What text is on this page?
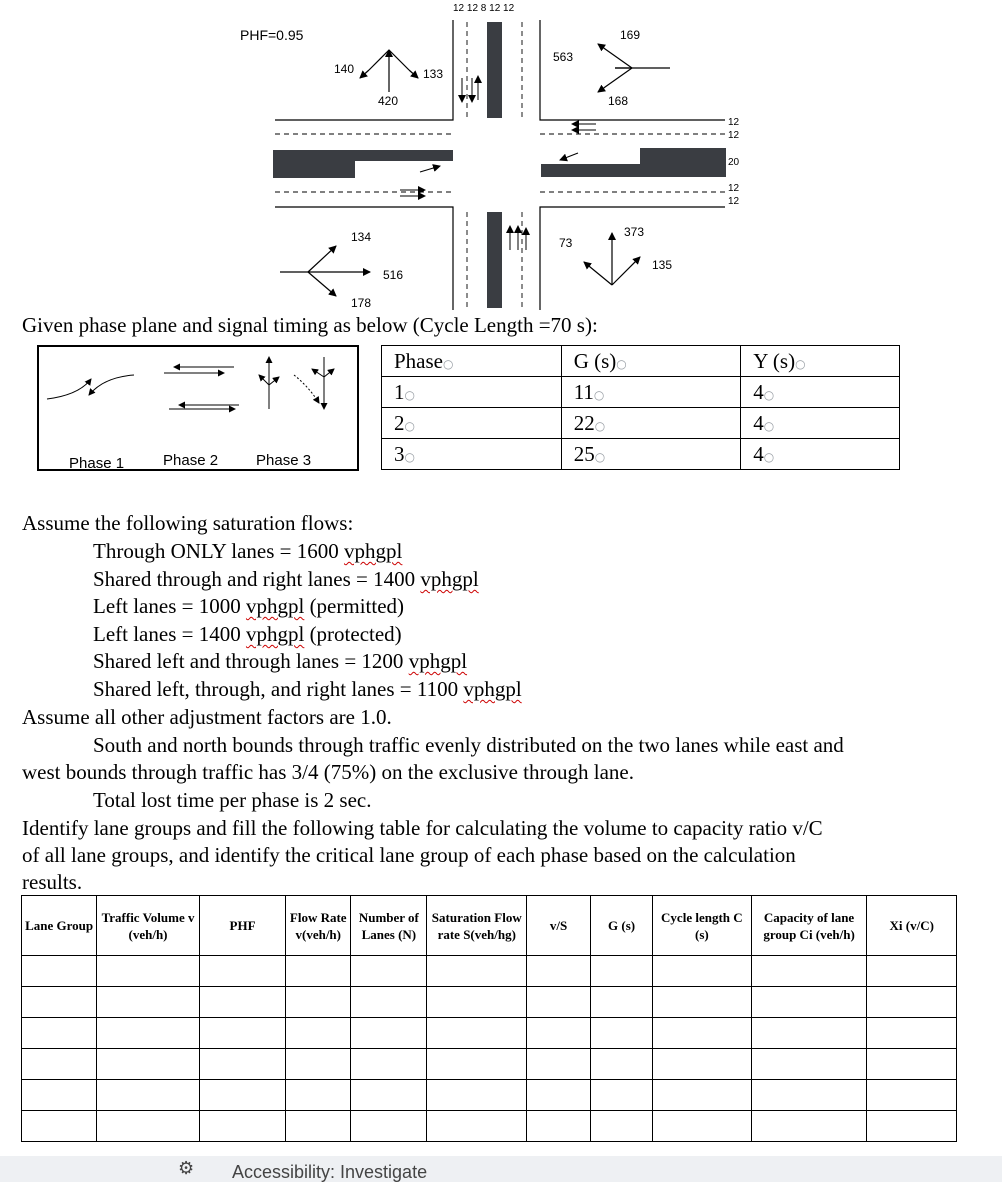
12 12 8 12 12
PHF=0.95
140
420
133
563
168
169
73
373
135
134
516
178
12
12
20
12
12
Given phase plane and signal timing as below (Cycle Length =70 s):
Phase 1	Phase 2	Phase 3
Phase○	G (s)○	Y (s)○
1○	11○	4○
2○	22○	4○
3○	25○	4○
Assume the following saturation flows:
Through ONLY lanes = 1600 vphgpl
Shared through and right lanes = 1400 vphgpl
Left lanes = 1000 vphgpl (permitted)
Left lanes = 1400 vphgpl (protected)
Shared left and through lanes = 1200 vphgpl
Shared left, through, and right lanes = 1100 vphgpl
Assume all other adjustment factors are 1.0.
South and north bounds through traffic evenly distributed on the two lanes while east and
west bounds through traffic has 3/4 (75%) on the exclusive through lane.
Total lost time per phase is 2 sec.
Identify lane groups and fill the following table for calculating the volume to capacity ratio v/C
of all lane groups, and identify the critical lane group of each phase based on the calculation
results.
Lane Group	Traffic Volume v (veh/h)	PHF	Flow Rate v(veh/h)	Number of Lanes (N)	Saturation Flow rate S(veh/hg)	v/S	G (s)	Cycle length C (s)	Capacity of lane group Ci (veh/h)	Xi (v/C)

⚙ Accessibility: Investigate
